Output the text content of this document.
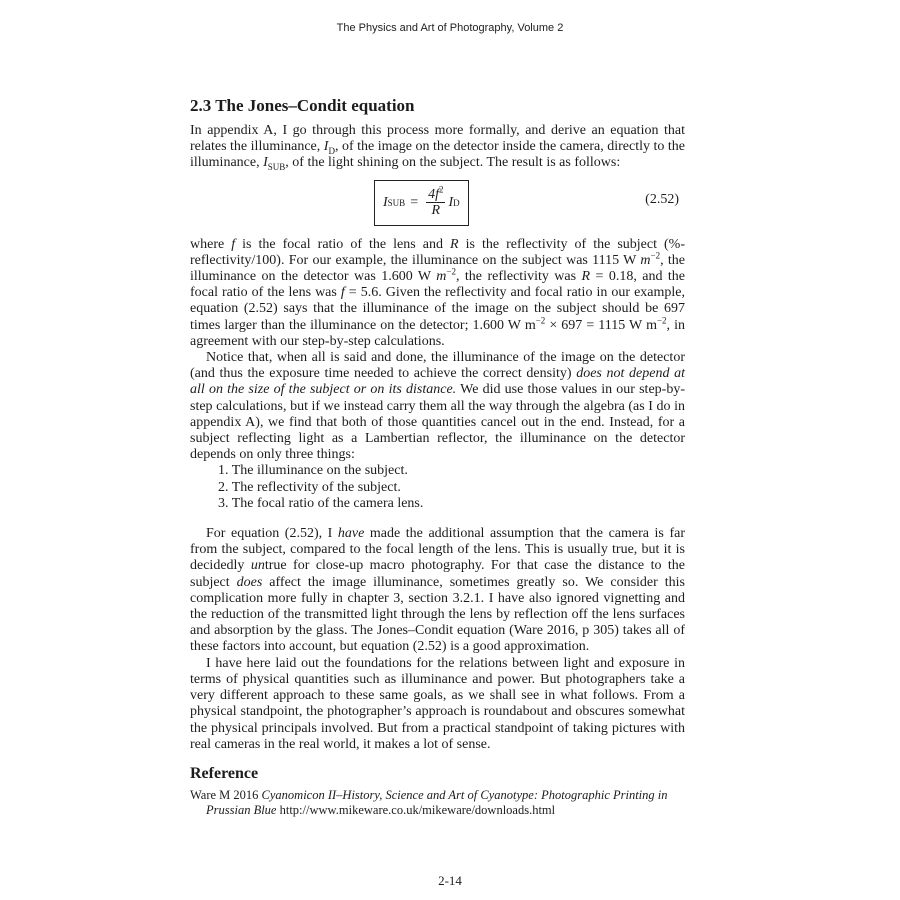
The Physics and Art of Photography, Volume 2
2.3 The Jones–Condit equation

In appendix A, I go through this process more formally, and derive an equation that relates the illuminance, $I_D$, of the image on the detector inside the camera, directly to the illuminance, $I_{SUB}$, of the light shining on the subject. The result is as follows:

I SUB = $\frac{4f^2}{R}$ I D	(2.52)

where f is the focal ratio of the lens and R is the reflectivity of the subject (%-reflectivity/100). For our example, the illuminance on the subject was 1115 W $m^{-2}$, the illuminance on the detector was 1.600 W $m^{-2}$, the reflectivity was R = 0.18, and the focal ratio of the lens was f = 5.6. Given the reflectivity and focal ratio in our example, equation (2.52) says that the illuminance of the image on the subject should be 697 times larger than the illuminance on the detector; 1.600 W $m^{-2} \times 697 = 1115$ W $m^{-2}$, in agreement with our step-by-step calculations.

Notice that, when all is said and done, the illuminance of the image on the detector (and thus the exposure time needed to achieve the correct density) does not depend at all on the size of the subject or on its distance. We did use those values in our step-by-step calculations, but if we instead carry them all the way through the algebra (as I do in appendix A), we find that both of those quantities cancel out in the end. Instead, for a subject reflecting light as a Lambertian reflector, the illuminance on the detector depends on only three things:

1. The illuminance on the subject.
2. The reflectivity of the subject.
3. The focal ratio of the camera lens.

For equation (2.52), I have made the additional assumption that the camera is far from the subject, compared to the focal length of the lens. This is usually true, but it is decidedly untrue for close-up macro photography. For that case the distance to the subject does affect the image illuminance, sometimes greatly so. We consider this complication more fully in chapter 3, section 3.2.1. I have also ignored vignetting and the reduction of the transmitted light through the lens by reflection off the lens surfaces and absorption by the glass. The Jones–Condit equation (Ware 2016, p 305) takes all of these factors into account, but equation (2.52) is a good approximation.

I have here laid out the foundations for the relations between light and exposure in terms of physical quantities such as illuminance and power. But photographers take a very different approach to these same goals, as we shall see in what follows. From a physical standpoint, the photographer’s approach is roundabout and obscures somewhat the physical principals involved. But from a practical standpoint of taking pictures with real cameras in the real world, it makes a lot of sense.

Reference

Ware M 2016 Cyanomicon II–History, Science and Art of Cyanotype: Photographic Printing in Prussian Blue http://www.mikeware.co.uk/mikeware/downloads.html

2-14
